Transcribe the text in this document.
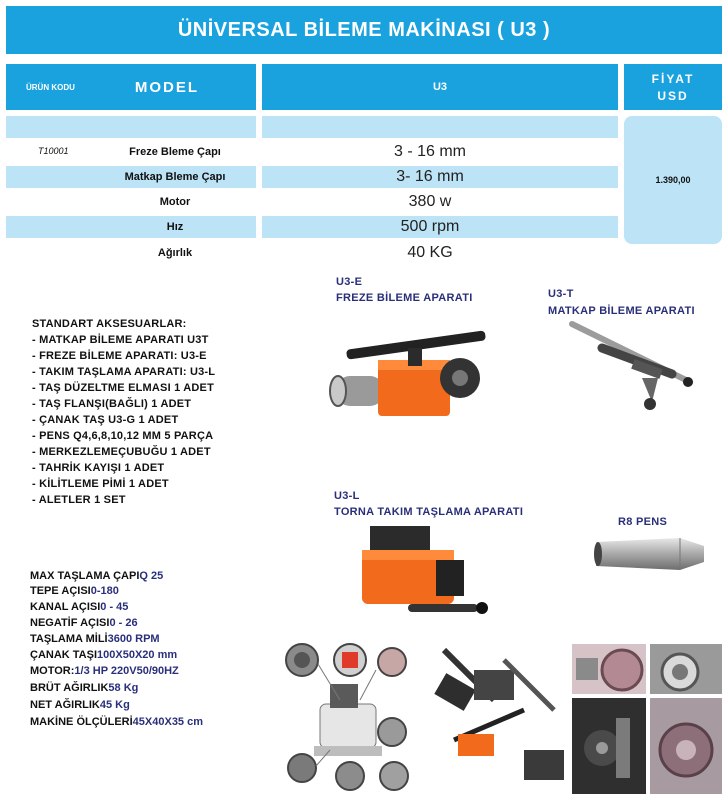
ÜNİVERSAL BİLEME MAKİNASI ( U3 )
ÜRÜN KODU	MODEL	U3
FİYAT
USD
1.390,00
T10001	Freze Bleme Çapı	3 - 16 mm
Matkap Bleme Çapı	3- 16 mm
Motor	380 w
Hız	500 rpm
Ağırlık	40 KG
STANDART AKSESUARLAR:
- MATKAP BİLEME APARATI U3T
- FREZE BİLEME APARATI: U3-E
- TAKIM TAŞLAMA APARATI: U3-L
- TAŞ DÜZELTME ELMASI 1 ADET
- TAŞ FLANŞI(BAĞLI) 1 ADET
- ÇANAK TAŞ U3-G 1 ADET
- PENS Q4,6,8,10,12 MM 5 PARÇA
- MERKEZLEMEÇUBUĞU 1 ADET
- TAHRİK KAYIŞI 1 ADET
- KİLİTLEME PİMİ 1 ADET
- ALETLER 1 SET
U3-E
FREZE BİLEME APARATI	U3-T
MATKAP BİLEME APARATI
U3-L
TORNA TAKIM TAŞLAMA APARATI
R8 PENS
MAX TAŞLAMA ÇAPIQ 25
TEPE AÇISI0-180
KANAL AÇISI0 - 45
NEGATİF AÇISI0 - 26
TAŞLAMA MİLİ3600 RPM
ÇANAK TAŞI100X50X20 mm
MOTOR:1/3 HP 220V50/90HZ
BRÜT AĞIRLIK58 Kg
NET AĞIRLIK45 Kg
MAKİNE ÖLÇÜLERİ45X40X35 cm
